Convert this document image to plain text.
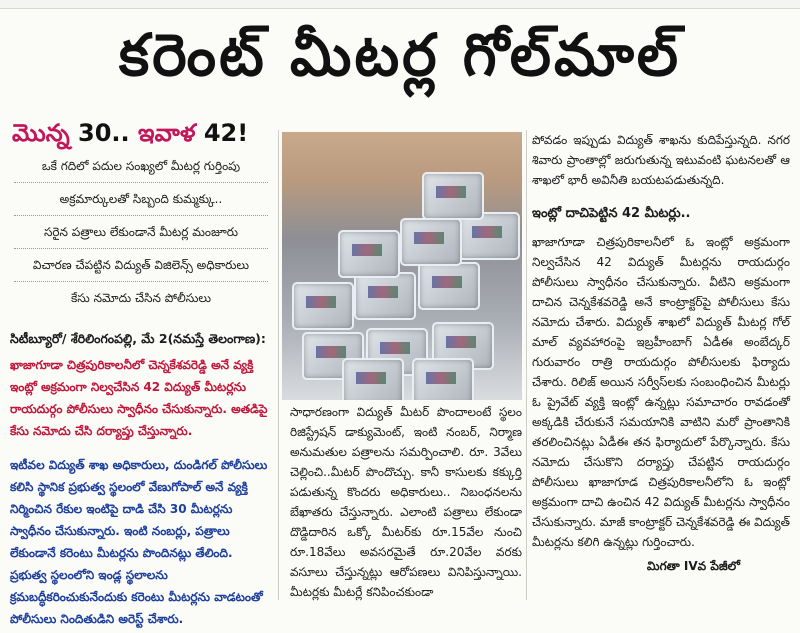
కరెంట్ మీటర్ల గోల్‌మాల్
మొన్న 30.. ఇవాళ 42!
ఒకే గదిలో పదుల సంఖ్యలో మీటర్ల గుర్తింపు
అక్రమార్కులతో సిబ్బంది కుమ్మక్కు..
సరైన పత్రాలు లేకుండానే మీటర్ల మంజూరు
విచారణ చేపట్టిన విద్యుత్‌ విజిలెన్స్‌ అధికారులు
కేసు నమోదు చేసిన పోలీసులు
సిటీబ్యూరో/ శేరిలింగంపల్లి, మే 2(నమస్తే తెలంగాణ):
ఖాజాగూడా చిత్రపురికాలనీలో చెన్నకేశవరెడ్డి అనే వ్యక్తి ఇంట్లో అక్రమంగా నిల్వచేసిన 42 విద్యుత్‌ మీటర్లను రాయదుర్గం పోలీసులు స్వాధీనం చేసుకున్నారు. అతడిపై కేసు నమోదు చేసి దర్యాప్తు చేస్తున్నారు.
ఇటీవల విద్యుత్‌ శాఖ అధికారులు, దుండిగల్‌ పోలీసులు కలిసి స్థానిక ప్రభుత్వ స్థలంలో వేణుగోపాల్‌ అనే వ్యక్తి నిర్మించిన రేకుల ఇంటిపై దాడి చేసి 30 మీటర్లను స్వాధీనం చేసుకున్నారు. ఇంటి నంబర్లు, పత్రాలు లేకుండానే కరెంటు మీటర్లను పొందినట్లు తేలింది. ప్రభుత్వ స్థలంలోని ఇండ్ల స్థలాలను క్రమబద్ధీకరించుకునేందుకు కరెంటు మీటర్లను వాడటంతో పోలీసులు నిందితుడిని అరెస్ట్‌ చేశారు.
సాధారణంగా విద్యుత్‌ మీటర్‌ పొందాలంటే స్థలం రిజిస్ట్రేషన్‌ డాక్యుమెంట్‌, ఇంటి నంబర్‌, నిర్మాణ అనుమతుల పత్రాలను సమర్పించాలి. రూ. 3వేలు చెల్లించి..మీటర్‌ పొందొచ్చు. కానీ కాసులకు కక్కుర్తి పడుతున్న కొందరు అధికారులు.. నిబంధనలను బేఖాతరు చేస్తున్నారు. ఎలాంటి పత్రాలు లేకుండా దొడ్డిదారిన ఒక్కో మీటర్‌కు రూ.15వేల నుంచి రూ.18వేలు అవసరమైతే రూ.20వేల వరకు వసూలు చేస్తున్నట్లు ఆరోపణలు వినిపిస్తున్నాయి. మీటర్లకు మీటర్లే కనిపించకుండా
పోవడం ఇప్పుడు విద్యుత్‌ శాఖను కుదిపేస్తున్నది. నగర శివారు ప్రాంతాల్లో జరుగుతున్న ఇటువంటి ఘటనలతో ఆ శాఖలో భారీ అవినీతి బయటపడుతున్నది.
ఇంట్లో దాచిపెట్టిన 42 మీటర్లు..
ఖాజాగూడా చిత్రపురికాలనీలో ఓ ఇంట్లో అక్రమంగా నిల్వచేసిన 42 విద్యుత్‌ మీటర్లను రాయదుర్గం పోలీసులు స్వాధీనం చేసుకున్నారు. వీటిని అక్రమంగా దాచిన చెన్నకేశవరెడ్డి అనే కాంట్రాక్టర్‌పై పోలీసులు కేసు నమోదు చేశారు. విద్యుత్‌ శాఖలో విద్యుత్‌ మీటర్ల గోల్‌ మాల్‌ వ్యవహారంపై ఇబ్రహీంబాగ్‌ ఏడీఈ అంబేద్కర్‌ గురువారం రాత్రి రాయదుర్గం పోలీసులకు ఫిర్యాదు చేశారు. రిలిజ్‌ అయిన సర్వీస్‌లకు సంబంధించిన మీటర్లు ఓ ప్రైవేట్‌ వ్యక్తి ఇంట్లో ఉన్నట్లు సమాచారం రావడంతో అక్కడికి చేరుకునే సమయానికి వాటిని మరో ప్రాంతానికి తరలించినట్లు ఏడీఈ తన ఫిర్యాదులో పేర్కొన్నారు. కేసు నమోదు చేసుకొని దర్యాప్తు చేపట్టిన రాయదుర్గం పోలీసులు ఖాజాగూడ చిత్రపురికాలనీలోని ఓ ఇంట్లో అక్రమంగా దాచి ఉంచిన 42 విద్యుత్‌ మీటర్లను స్వాధీనం చేసుకున్నారు. మాజీ కాంట్రాక్టర్‌ చెన్నకేశవరెడ్డి ఈ విద్యుత్‌ మీటర్లను కలిగి ఉన్నట్లు గుర్తించారు.
మిగతా IVవ పేజీలో
